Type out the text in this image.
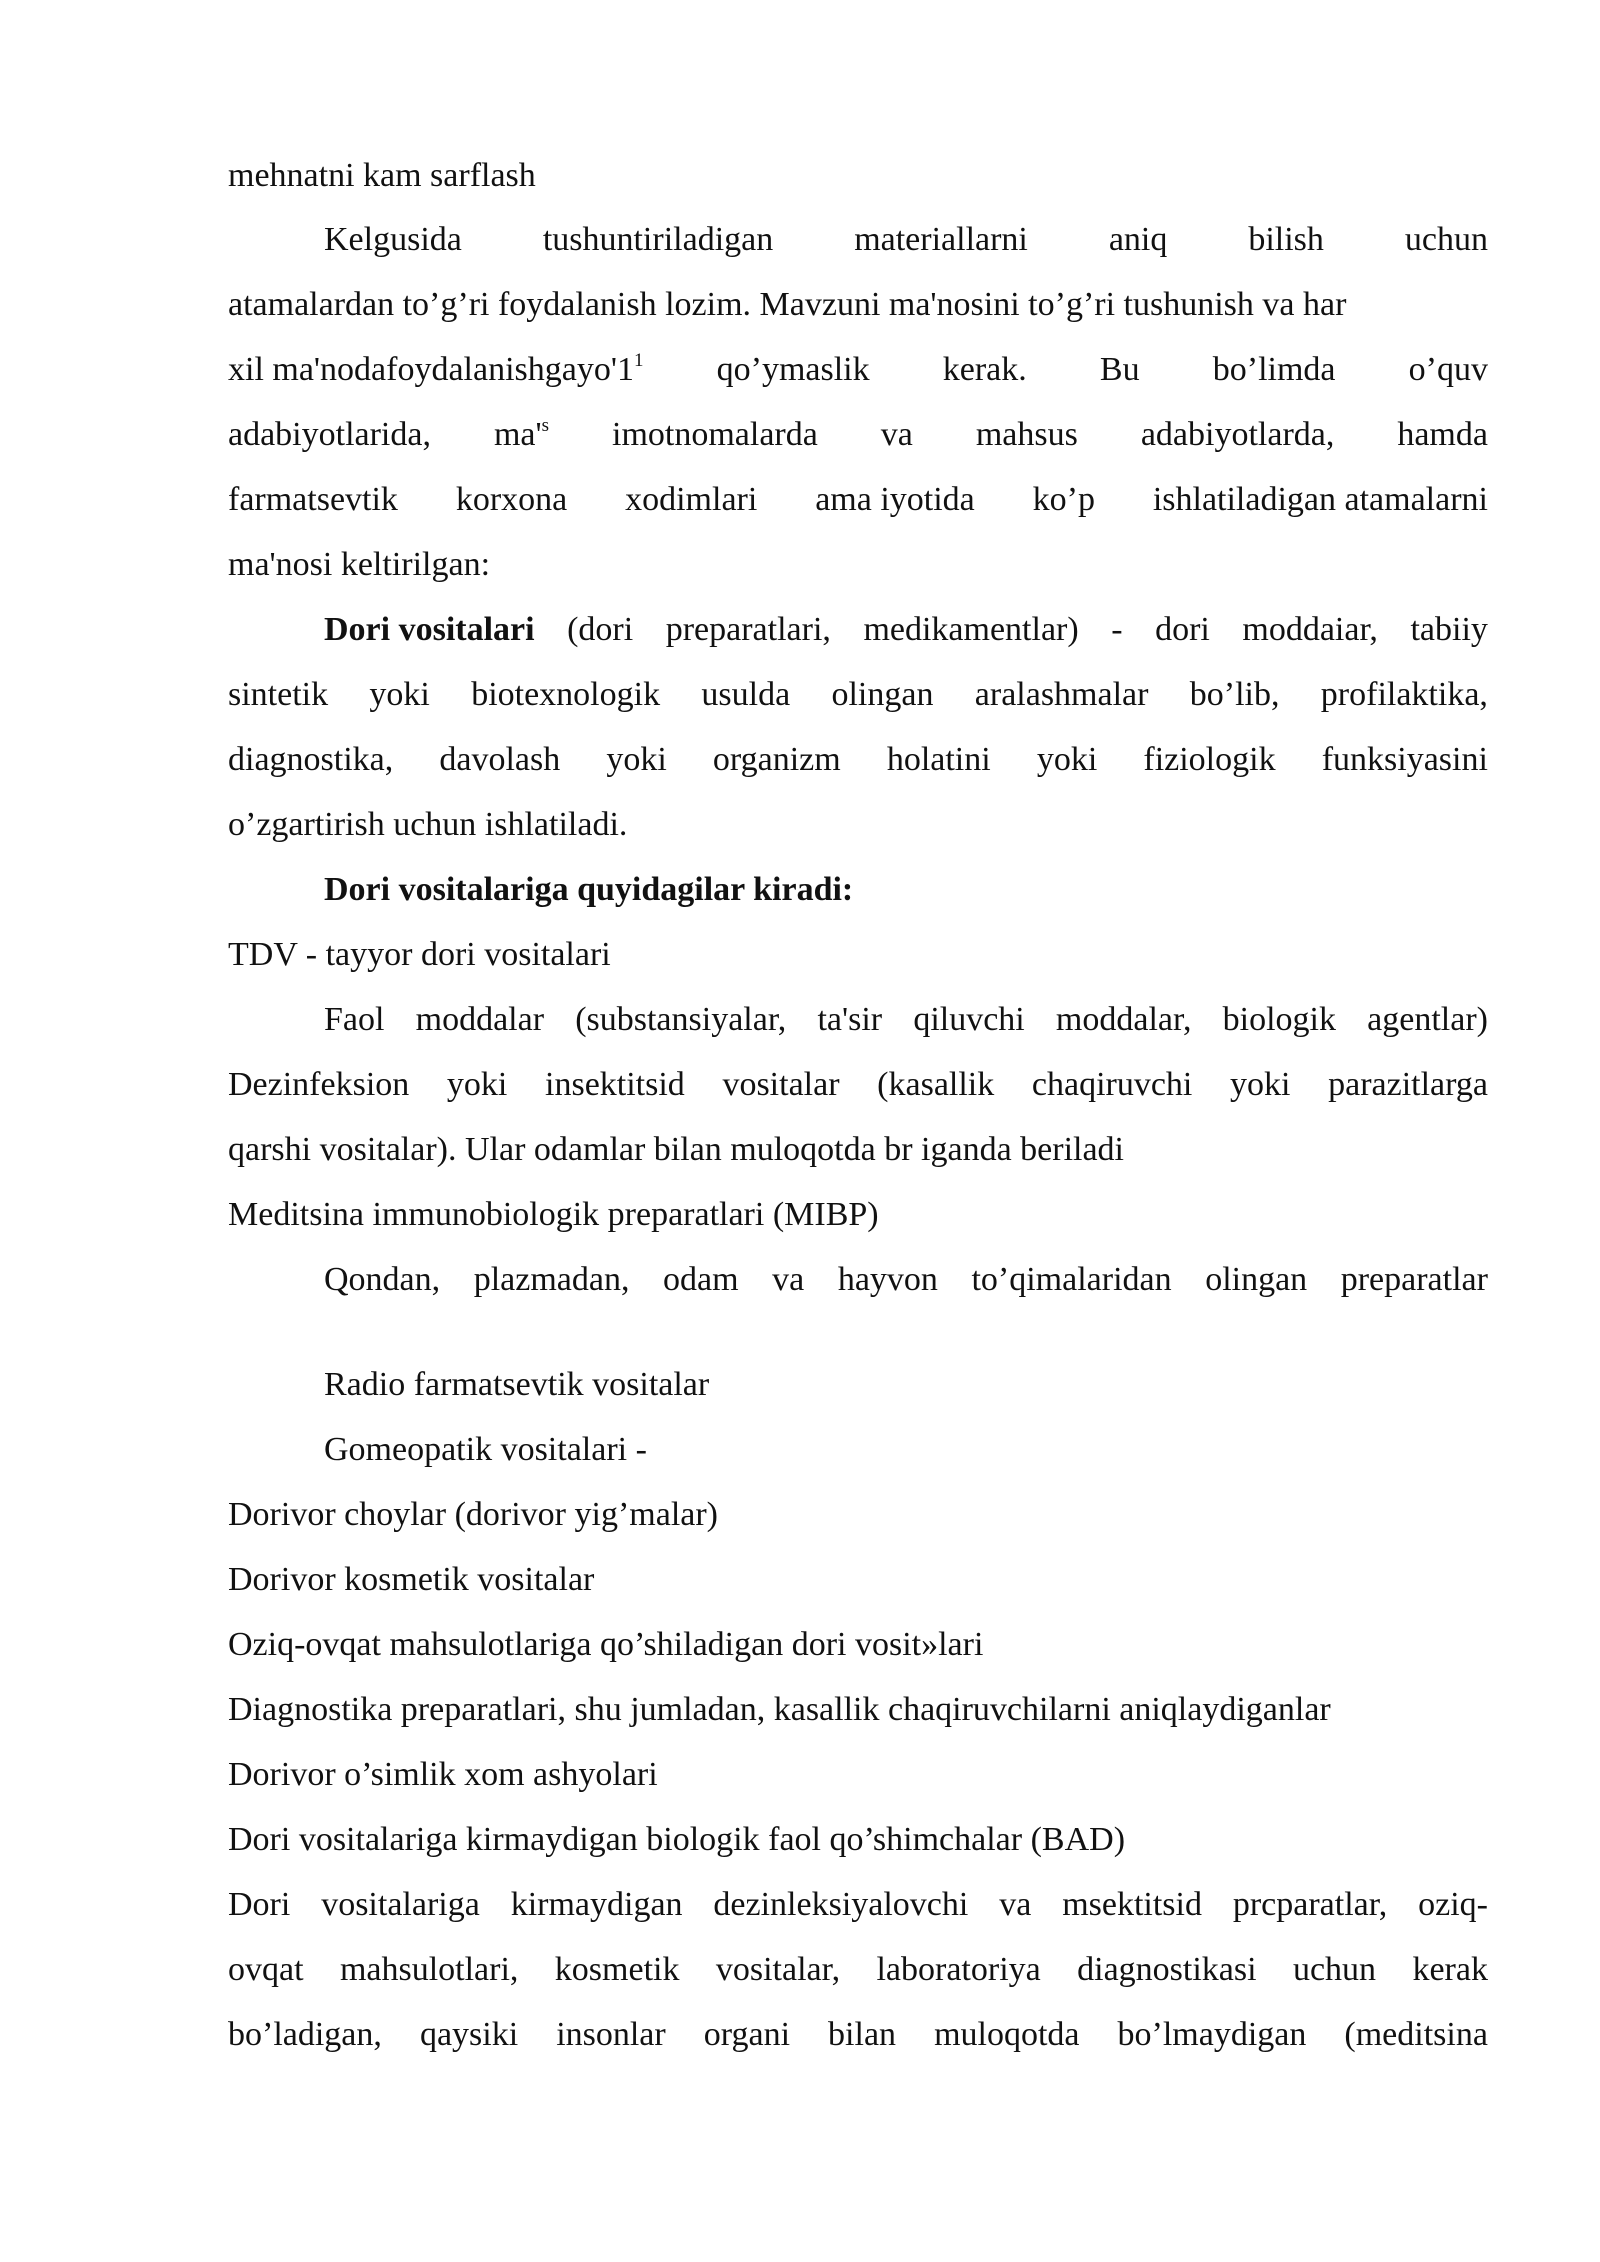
mehnatni kam sarflash
Kelgusida tushuntiriladigan materiallarni aniq bilish uchun
atamalardan to’g’ri foydalanish lozim. Mavzuni ma'nosini to’g’ri tushunish va har
xil $ma'nodafoydalanishgayo'1^1$ qo’ymaslik kerak. Bu bo’limda o’quv
adabiyotlarida, $ma'^s$ imotnomalarda va mahsus adabiyotlarda, hamda
farmatsevtik korxona xodimlari ama iyotida ko’p ishlatiladigan atamalarni
ma'nosi keltirilgan:
Dori vositalari (dori preparatlari, medikamentlar) - dori moddaiar, tabiiy
sintetik yoki biotexnologik usulda olingan aralashmalar bo’lib, profilaktika,
diagnostika, davolash yoki organizm holatini yoki fiziologik funksiyasini
o’zgartirish uchun ishlatiladi.
Dori vositalariga quyidagilar kiradi:
TDV - tayyor dori vositalari
Faol moddalar (substansiyalar, ta'sir qiluvchi moddalar, biologik agentlar)
Dezinfeksion yoki insektitsid vositalar (kasallik chaqiruvchi yoki parazitlarga
qarshi vositalar). Ular odamlar bilan muloqotda br iganda beriladi
Meditsina immunobiologik preparatlari (MIBP)
Qondan, plazmadan, odam va hayvon to’qimalaridan olingan preparatlar
Radio farmatsevtik vositalar
Gomeopatik vositalari -
Dorivor choylar (dorivor yig’malar)
Dorivor kosmetik vositalar
Oziq-ovqat mahsulotlariga qo’shiladigan dori vosit»lari
Diagnostika preparatlari, shu jumladan, kasallik chaqiruvchilarni aniqlaydiganlar
Dorivor o’simlik xom ashyolari
Dori vositalariga kirmaydigan biologik faol qo’shimchalar (BAD)
Dori vositalariga kirmaydigan dezinleksiyalovchi va msektitsid prcparatlar, oziq-
ovqat mahsulotlari, kosmetik vositalar, laboratoriya diagnostikasi uchun kerak
bo’ladigan, qaysiki insonlar organi bilan muloqotda bo’lmaydigan (meditsina
